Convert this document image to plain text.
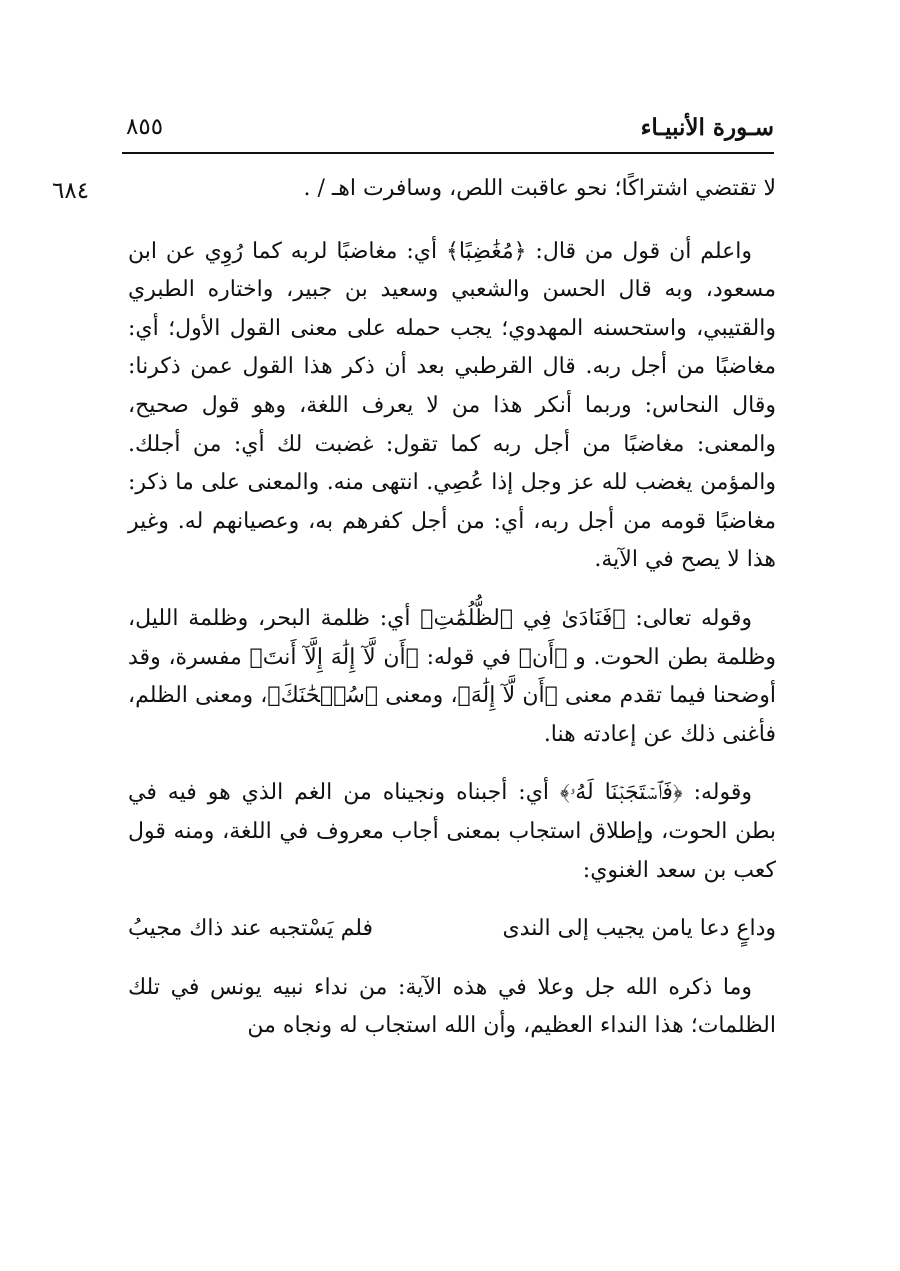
سـورة الأنبيـاء
٨٥٥
٦٨٤	لا تقتضي اشتراكًا؛ نحو عاقبت اللص، وسافرت اهـ / .

واعلم أن قول من قال: ﴿مُغَٰضِبًا﴾ أي: مغاضبًا لربه كما رُوِي عن ابن مسعود، وبه قال الحسن والشعبي وسعيد بن جبير، واختاره الطبري والقتيبي، واستحسنه المهدوي؛ يجب حمله على معنى القول الأول؛ أي: مغاضبًا من أجل ربه. قال القرطبي بعد أن ذكر هذا القول عمن ذكرنا: وقال النحاس: وربما أنكر هذا من لا يعرف اللغة، وهو قول صحيح، والمعنى: مغاضبًا من أجل ربه كما تقول: غضبت لك أي: من أجلك. والمؤمن يغضب لله عز وجل إذا عُصِي. انتهى منه. والمعنى على ما ذكر: مغاضبًا قومه من أجل ربه، أي: من أجل كفرهم به، وعصيانهم له. وغير هذا لا يصح في الآية.

وقوله تعالى: ﴿فَنَادَىٰ فِي ٱلظُّلُمَٰتِ﴾ أي: ظلمة البحر، وظلمة الليل، وظلمة بطن الحوت. و ﴿أَن﴾ في قوله: ﴿أَن لَّآ إِلَٰهَ إِلَّآ أَنتَ﴾ مفسرة، وقد أوضحنا فيما تقدم معنى ﴿أَن لَّآ إِلَٰهَ﴾، ومعنى ﴿سُبۡحَٰنَكَ﴾، ومعنى الظلم، فأغنى ذلك عن إعادته هنا.

وقوله: ﴿فَٱسۡتَجَبۡنَا لَهُۥ﴾ أي: أجبناه ونجيناه من الغم الذي هو فيه في بطن الحوت، وإطلاق استجاب بمعنى أجاب معروف في اللغة، ومنه قول كعب بن سعد الغنوي:

وداعٍ دعا يامن يجيب إلى الندى
فلم يَسْتجبه عند ذاك مجيبُ

وما ذكره الله جل وعلا في هذه الآية: من نداء نبيه يونس في تلك الظلمات؛ هذا النداء العظيم، وأن الله استجاب له ونجاه من
